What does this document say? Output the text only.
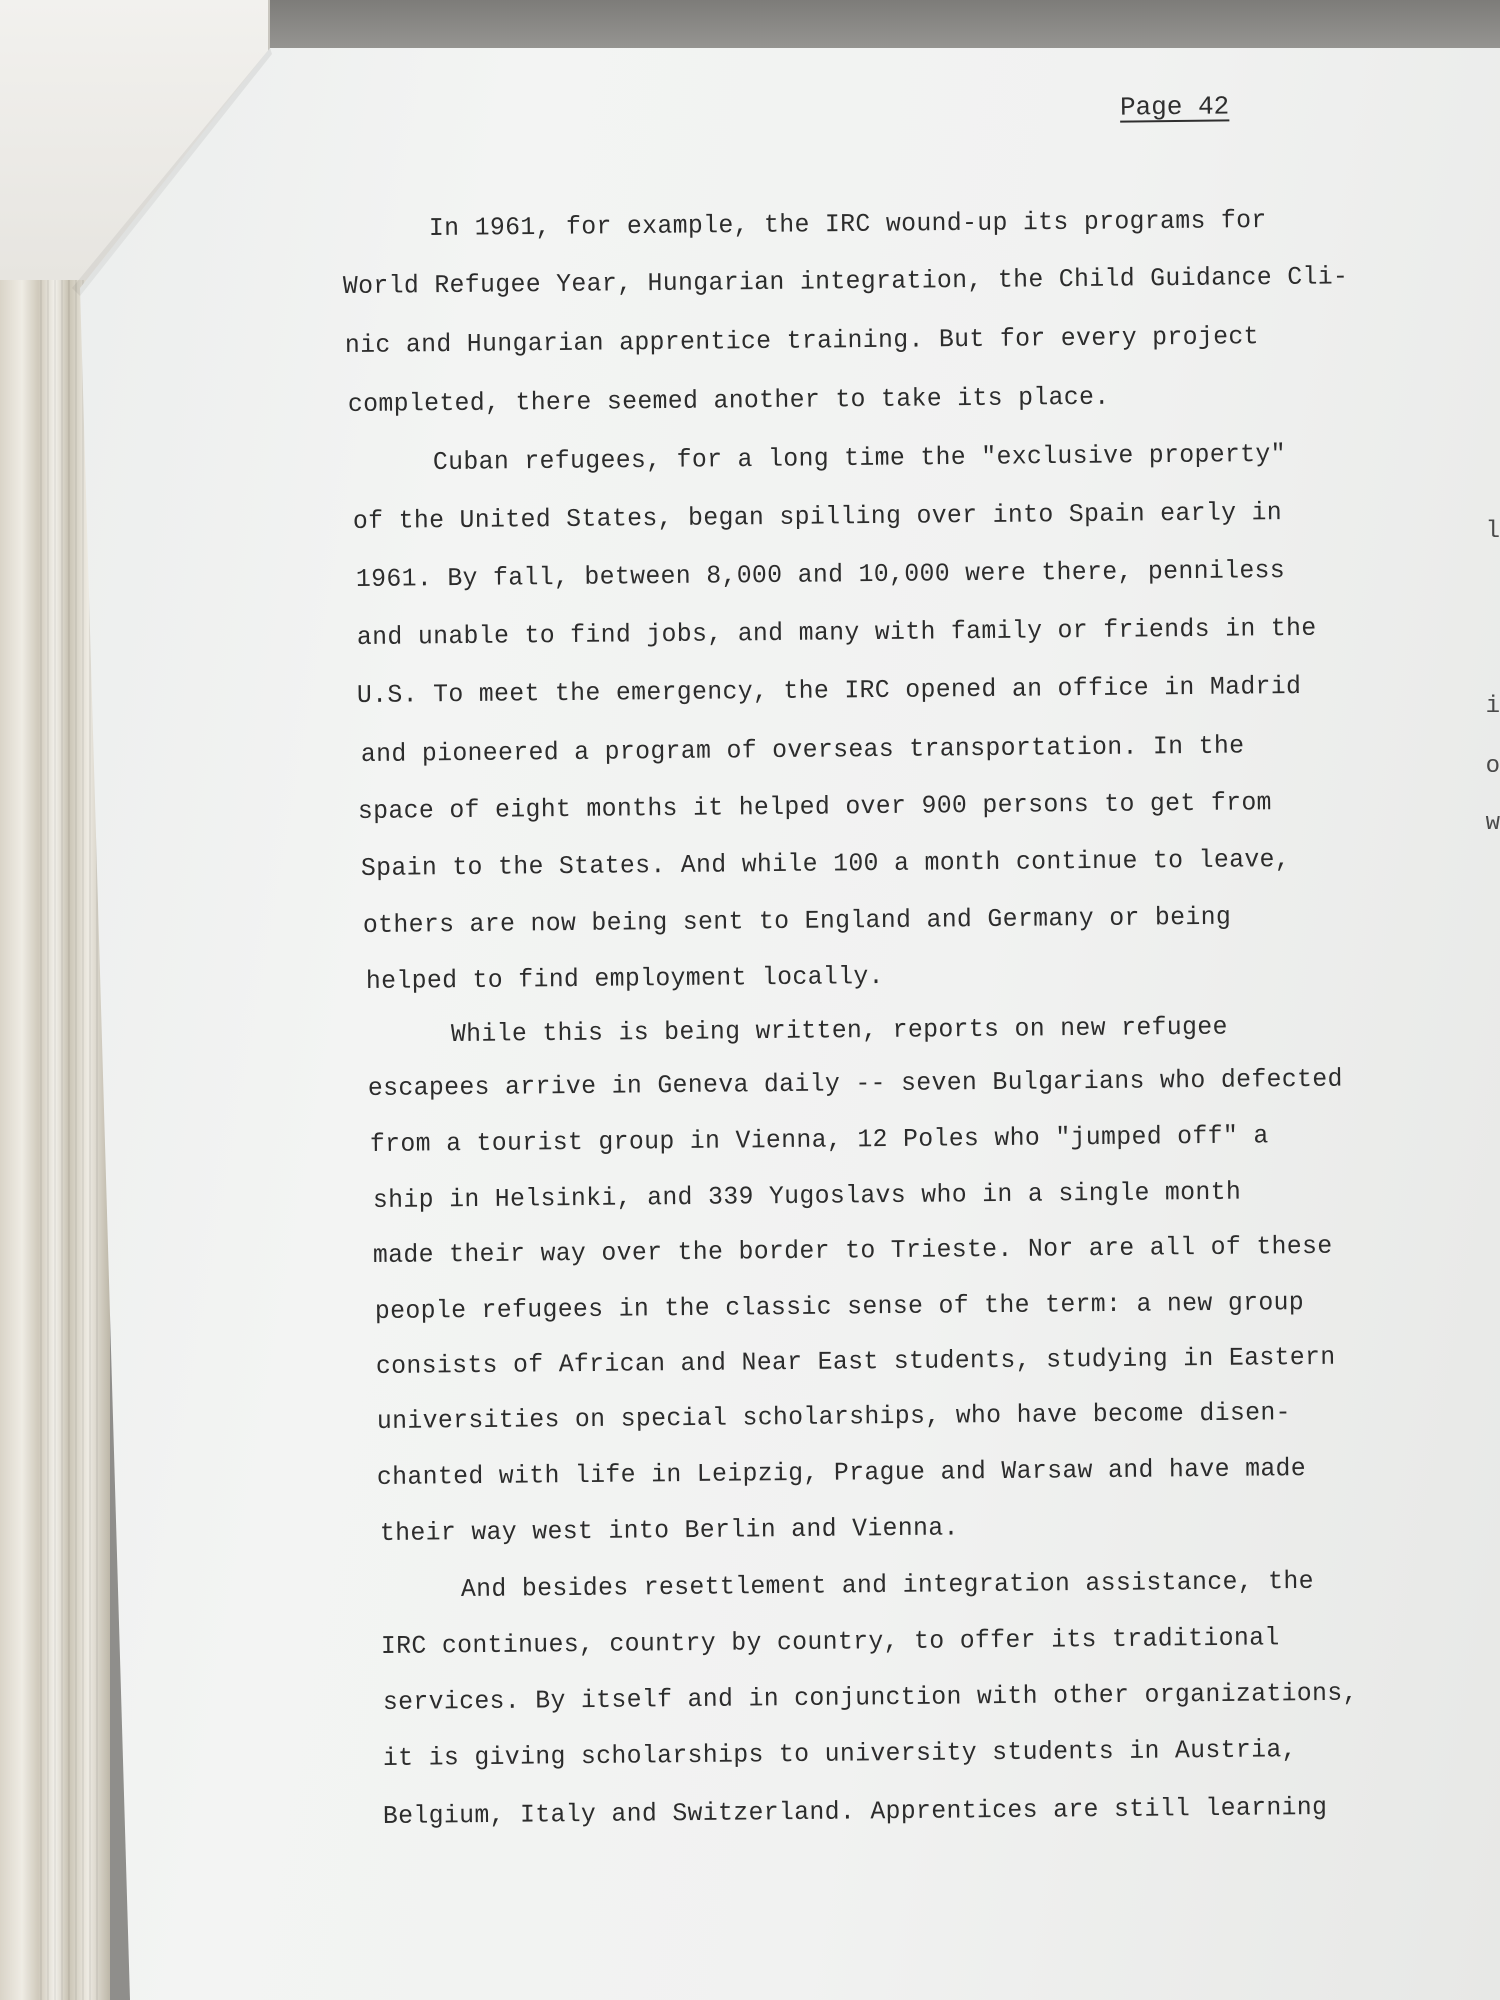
l
i
o
w

Page 42

In 1961, for example, the IRC wound-up its programs for

World Refugee Year, Hungarian integration, the Child Guidance Cli-

nic and Hungarian apprentice training. But for every project

completed, there seemed another to take its place.

Cuban refugees, for a long time the "exclusive property"

of the United States, began spilling over into Spain early in

1961. By fall, between 8,000 and 10,000 were there, penniless

and unable to find jobs, and many with family or friends in the

U.S. To meet the emergency, the IRC opened an office in Madrid

and pioneered a program of overseas transportation. In the

space of eight months it helped over 900 persons to get from

Spain to the States. And while 100 a month continue to leave,

others are now being sent to England and Germany or being

helped to find employment locally.

While this is being written, reports on new refugee

escapees arrive in Geneva daily -- seven Bulgarians who defected

from a tourist group in Vienna, 12 Poles who "jumped off" a

ship in Helsinki, and 339 Yugoslavs who in a single month

made their way over the border to Trieste. Nor are all of these

people refugees in the classic sense of the term: a new group

consists of African and Near East students, studying in Eastern

universities on special scholarships, who have become disen-

chanted with life in Leipzig, Prague and Warsaw and have made

their way west into Berlin and Vienna.

And besides resettlement and integration assistance, the

IRC continues, country by country, to offer its traditional

services. By itself and in conjunction with other organizations,

it is giving scholarships to university students in Austria,

Belgium, Italy and Switzerland. Apprentices are still learning
